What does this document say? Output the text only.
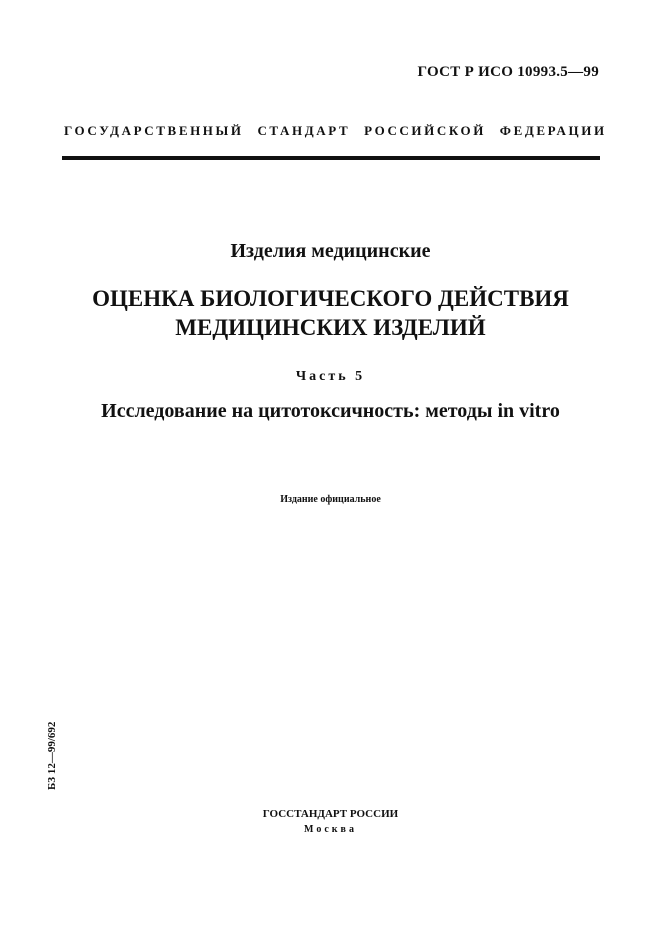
ГОСТ Р ИСО 10993.5—99
ГОСУДАРСТВЕННЫЙ СТАНДАРТ РОССИЙСКОЙ ФЕДЕРАЦИИ
Изделия медицинские
ОЦЕНКА БИОЛОГИЧЕСКОГО ДЕЙСТВИЯ
МЕДИЦИНСКИХ ИЗДЕЛИЙ
Часть 5
Исследование на цитотоксичность: методы in vitro
Издание официальное
БЗ 12—99/692
ГОССТАНДАРТ РОССИИ
Москва
